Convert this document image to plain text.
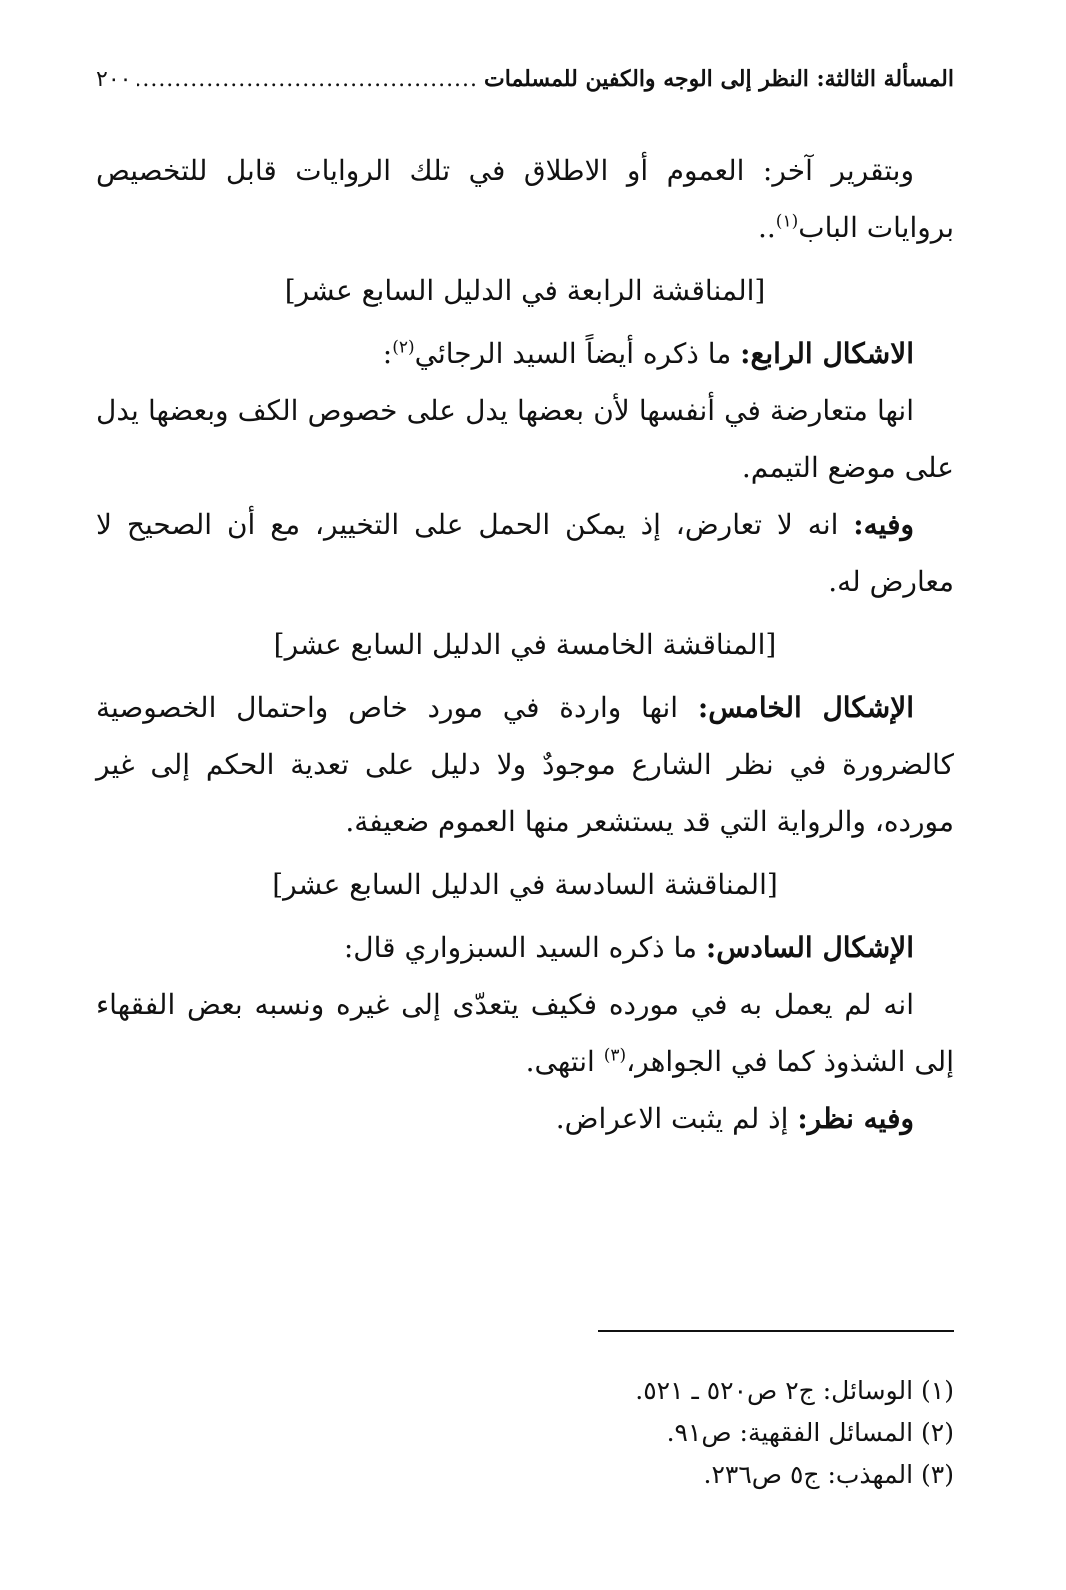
المسألة الثالثة: النظر إلى الوجه والكفين للمسلمات
.....
٢٠٠

وبتقرير آخر: العموم أو الاطلاق في تلك الروايات قابل للتخصيص بروايات الباب$^{(١)}$..

[المناقشة الرابعة في الدليل السابع عشر]

الاشكال الرابع: ما ذكره أيضاً السيد الرجائي$^{(٢)}$:

انها متعارضة في أنفسها لأن بعضها يدل على خصوص الكف وبعضها يدل على موضع التيمم.

وفيه: انه لا تعارض، إذ يمكن الحمل على التخيير، مع أن الصحيح لا معارض له.

[المناقشة الخامسة في الدليل السابع عشر]

الإشكال الخامس: انها واردة في مورد خاص واحتمال الخصوصية كالضرورة في نظر الشارع موجودٌ ولا دليل على تعدية الحكم إلى غير مورده، والرواية التي قد يستشعر منها العموم ضعيفة.

[المناقشة السادسة في الدليل السابع عشر]

الإشكال السادس: ما ذكره السيد السبزواري قال:

انه لم يعمل به في مورده فكيف يتعدّى إلى غيره ونسبه بعض الفقهاء إلى الشذوذ كما في الجواهر،$^{(٣)}$ انتهى.

وفيه نظر: إذ لم يثبت الاعراض.

(١) الوسائل: ج٢ ص٥٢٠ ـ ٥٢١.

(٢) المسائل الفقهية: ص٩١.

(٣) المهذب: ج٥ ص٢٣٦.
